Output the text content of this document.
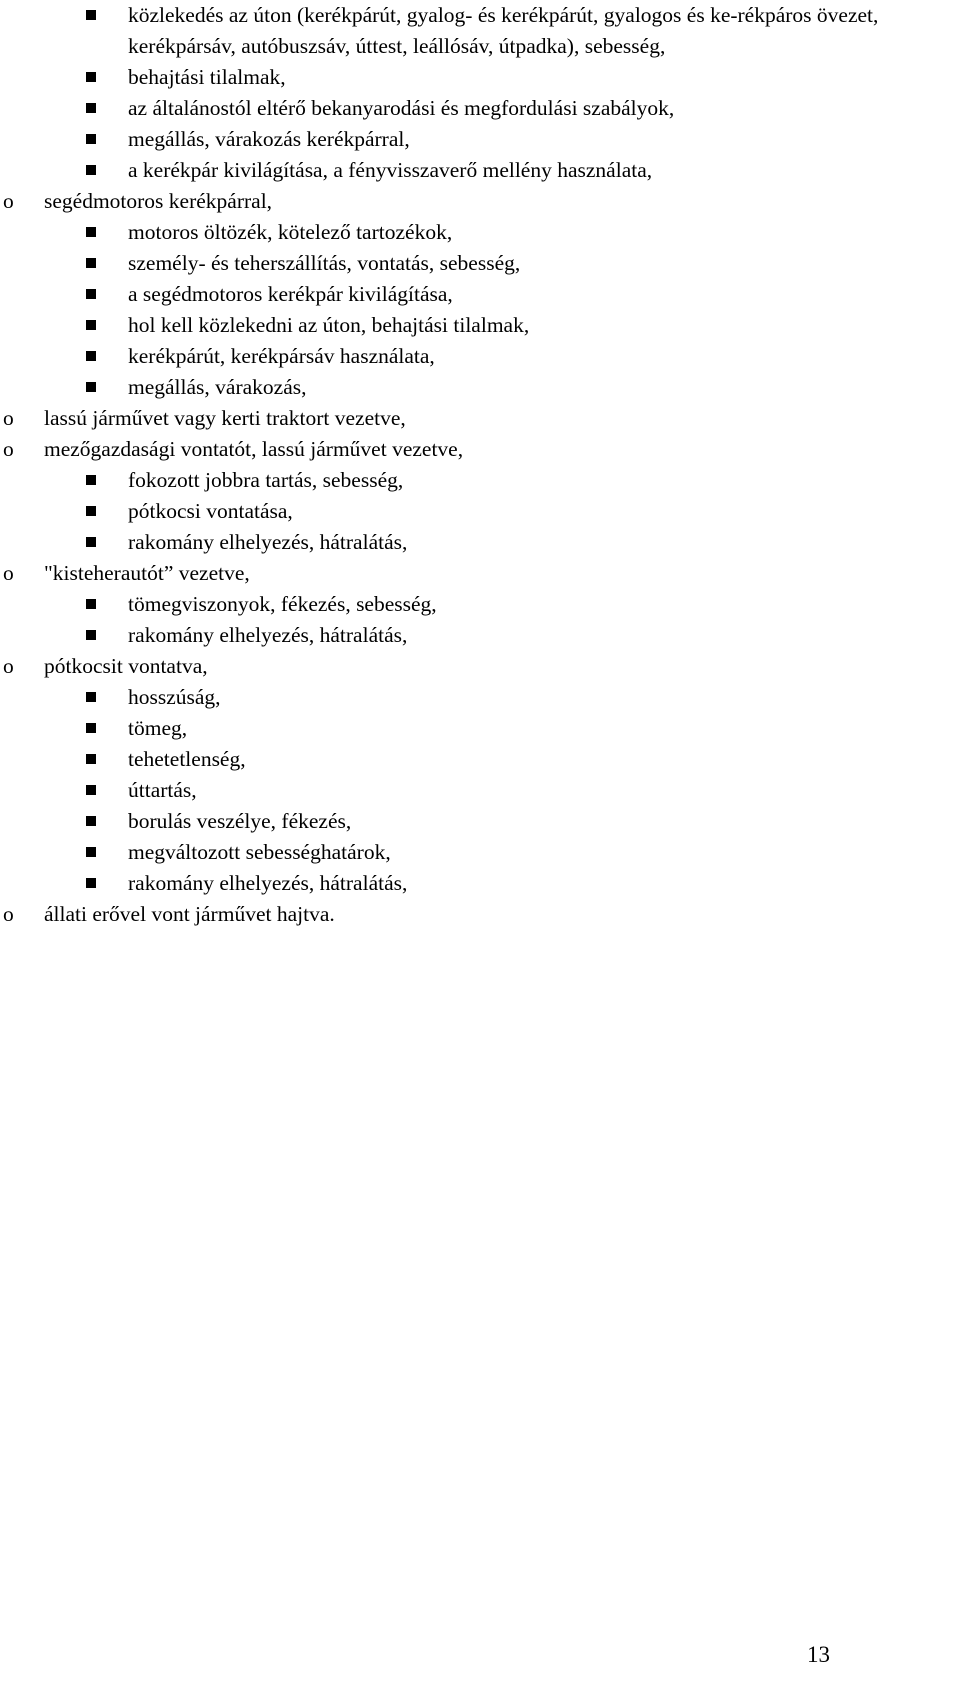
közlekedés az úton (kerékpárút, gyalog- és kerékpárút, gyalogos és ke-rékpáros övezet, kerékpársáv, autóbuszsáv, úttest, leállósáv, útpadka), sebesség,
behajtási tilalmak,
az általánostól eltérő bekanyarodási és megfordulási szabályok,
megállás, várakozás kerékpárral,
a kerékpár kivilágítása, a fényvisszaverő mellény használata,
o segédmotoros kerékpárral,
motoros öltözék, kötelező tartozékok,
személy- és teherszállítás, vontatás, sebesség,
a segédmotoros kerékpár kivilágítása,
hol kell közlekedni az úton, behajtási tilalmak,
kerékpárút, kerékpársáv használata,
megállás, várakozás,
o lassú járművet vagy kerti traktort vezetve,
o mezőgazdasági vontatót, lassú járművet vezetve,
fokozott jobbra tartás, sebesség,
pótkocsi vontatása,
rakomány elhelyezés, hátralátás,
o "kisteherautót” vezetve,
tömegviszonyok, fékezés, sebesség,
rakomány elhelyezés, hátralátás,
o pótkocsit vontatva,
hosszúság,
tömeg,
tehetetlenség,
úttartás,
borulás veszélye, fékezés,
megváltozott sebességhatárok,
rakomány elhelyezés, hátralátás,
o állati erővel vont járművet hajtva.
13
